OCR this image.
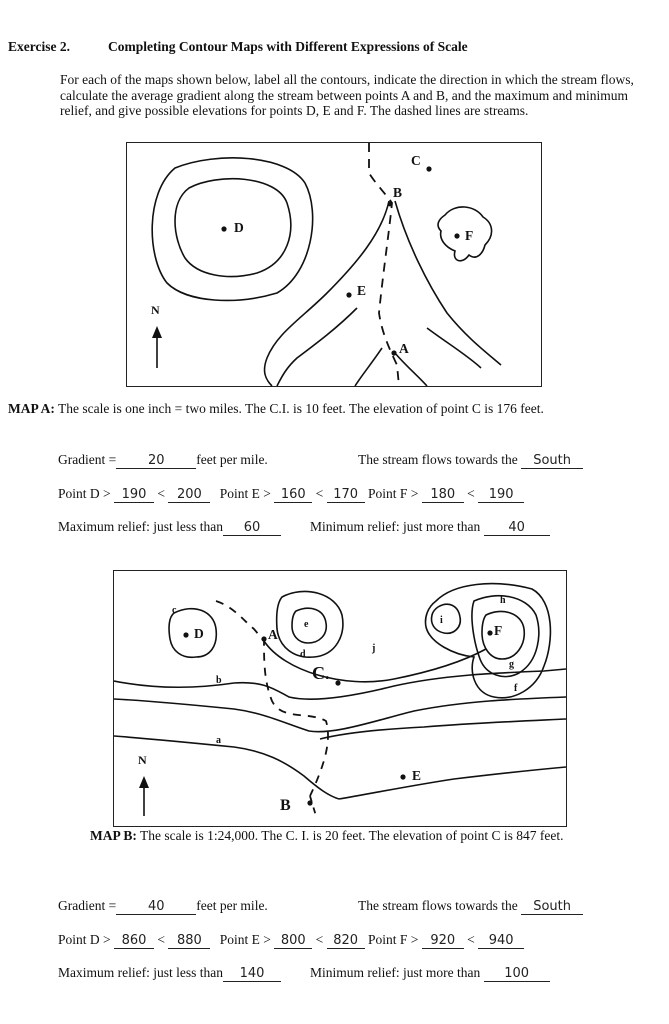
Exercise 2.	Completing Contour Maps with Different Expressions of Scale
For each of the maps shown below, label all the contours, indicate the direction in which the stream flows, calculate the average gradient along the stream between points A and B, and the maximum and minimum relief, and give possible elevations for points D, E and F. The dashed lines are streams.
C
B
D
E
F
A
N
MAP A: The scale is one inch = two miles. The C.I. is 10 feet. The elevation of point C is 176 feet.
Gradient = 20 feet per mile.	The stream flows towards the South
Point D > 190 < 200 Point E > 160 < 170 Point F > 180 < 190
Maximum relief: just less than 60	Minimum relief: just more than 40
D	A
C.
E
F
B
N
a
b
c
d
e
f
g
h
i
j
MAP B: The scale is 1:24,000. The C. I. is 20 feet. The elevation of point C is 847 feet.
Gradient = 40 feet per mile.	The stream flows towards the South
Point D > 860 < 880 Point E > 800 < 820 Point F > 920 < 940
Maximum relief: just less than 140	Minimum relief: just more than 100
